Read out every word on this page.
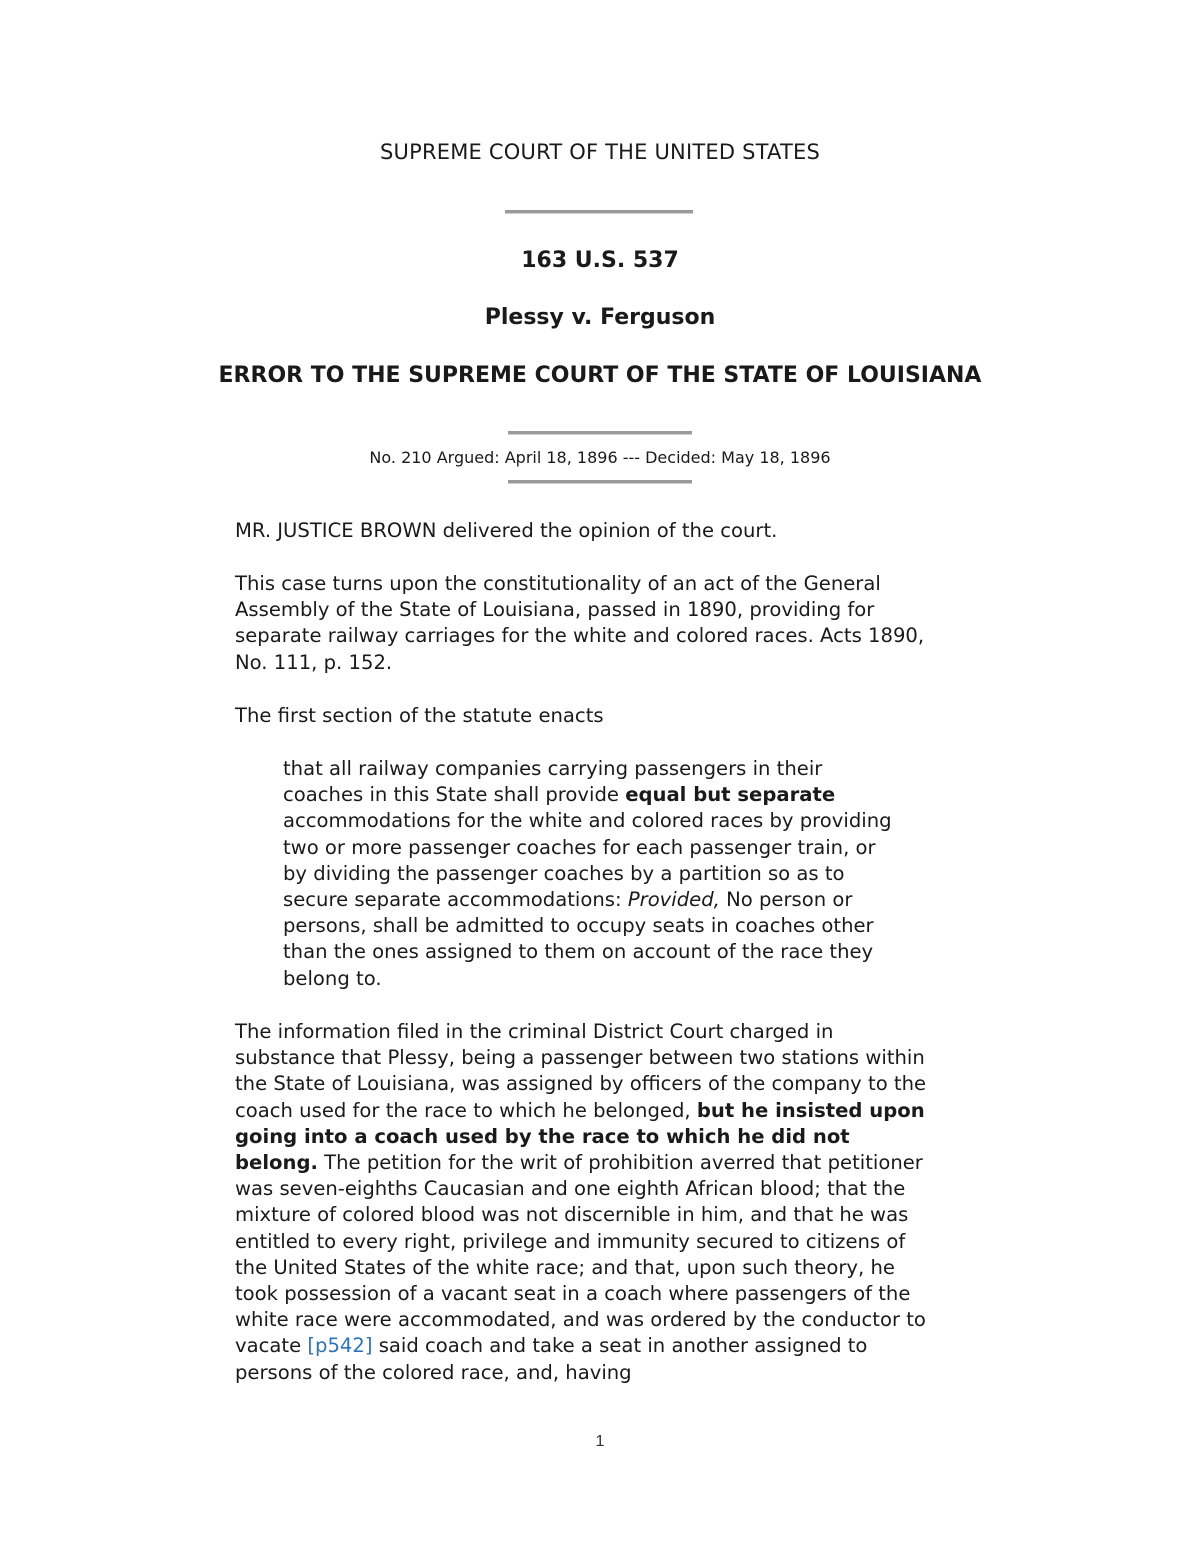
SUPREME COURT OF THE UNITED STATES
163 U.S. 537
Plessy v. Ferguson
ERROR TO THE SUPREME COURT OF THE STATE OF LOUISIANA
No. 210 Argued: April 18, 1896 --- Decided: May 18, 1896

MR. JUSTICE BROWN delivered the opinion of the court.

This case turns upon the constitutionality of an act of the General Assembly of the State of Louisiana, passed in 1890, providing for separate railway carriages for the white and colored races. Acts 1890, No. 111, p. 152.

The first section of the statute enacts

that all railway companies carrying passengers in their coaches in this State shall provide equal but separate accommodations for the white and colored races by providing two or more passenger coaches for each passenger train, or by dividing the passenger coaches by a partition so as to secure separate accommodations: Provided, No person or persons, shall be admitted to occupy seats in coaches other than the ones assigned to them on account of the race they belong to.

The information filed in the criminal District Court charged in substance that Plessy, being a passenger between two stations within the State of Louisiana, was assigned by officers of the company to the coach used for the race to which he belonged, but he insisted upon going into a coach used by the race to which he did not belong. The petition for the writ of prohibition averred that petitioner was seven-eighths Caucasian and one eighth African blood; that the mixture of colored blood was not discernible in him, and that he was entitled to every right, privilege and immunity secured to citizens of the United States of the white race; and that, upon such theory, he took possession of a vacant seat in a coach where passengers of the white race were accommodated, and was ordered by the conductor to vacate [p542] said coach and take a seat in another assigned to persons of the colored race, and, having

1
